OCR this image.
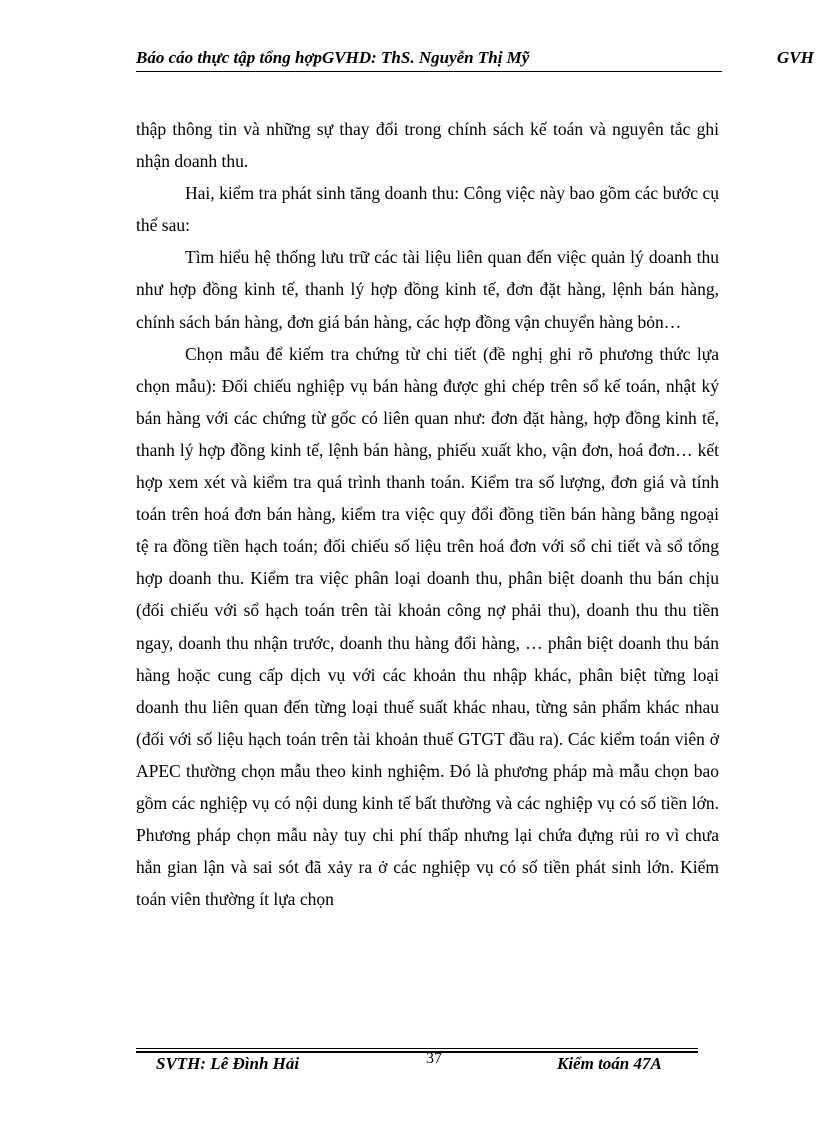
Báo cáo thực tập tổng hợpGVHD: ThS. Nguyễn Thị Mỹ	GVH

thập thông tin và những sự thay đổi trong chính sách kế toán và nguyên tắc ghi nhận doanh thu.

Hai, kiểm tra phát sinh tăng doanh thu: Công việc này bao gồm các bước cụ thể sau:

Tìm hiểu hệ thống lưu trữ các tài liệu liên quan đến việc quản lý doanh thu như hợp đồng kinh tế, thanh lý hợp đồng kinh tế, đơn đặt hàng, lệnh bán hàng, chính sách bán hàng, đơn giá bán hàng, các hợp đồng vận chuyển hàng bỏn…

Chọn mẫu để kiểm tra chứng từ chi tiết (đề nghị ghi rõ phương thức lựa chọn mẫu): Đối chiếu nghiệp vụ bán hàng được ghi chép trên sổ kế toán, nhật ký bán hàng với các chứng từ gốc có liên quan như: đơn đặt hàng, hợp đồng kinh tế, thanh lý hợp đồng kinh tế, lệnh bán hàng, phiếu xuất kho, vận đơn, hoá đơn… kết hợp xem xét và kiểm tra quá trình thanh toán. Kiểm tra số lượng, đơn giá và tính toán trên hoá đơn bán hàng, kiểm tra việc quy đổi đồng tiền bán hàng bằng ngoại tệ ra đồng tiền hạch toán; đối chiếu số liệu trên hoá đơn với sổ chi tiết và sổ tổng hợp doanh thu. Kiểm tra việc phân loại doanh thu, phân biệt doanh thu bán chịu (đối chiếu với sổ hạch toán trên tài khoản công nợ phải thu), doanh thu thu tiền ngay, doanh thu nhận trước, doanh thu hàng đổi hàng, … phân biệt doanh thu bán hàng hoặc cung cấp dịch vụ với các khoản thu nhập khác, phân biệt từng loại doanh thu liên quan đến từng loại thuế suất khác nhau, từng sản phẩm khác nhau (đối với số liệu hạch toán trên tài khoản thuế GTGT đầu ra). Các kiểm toán viên ở APEC thường chọn mẫu theo kinh nghiệm. Đó là phương pháp mà mẫu chọn bao gồm các nghiệp vụ có nội dung kinh tế bất thường và các nghiệp vụ có số tiền lớn. Phương pháp chọn mẫu này tuy chi phí thấp nhưng lại chứa đựng rủi ro vì chưa hẳn gian lận và sai sót đã xảy ra ở các nghiệp vụ có số tiền phát sinh lớn. Kiểm toán viên thường ít lựa chọn

SVTH: Lê Đình Hải	37	Kiểm toán 47A
